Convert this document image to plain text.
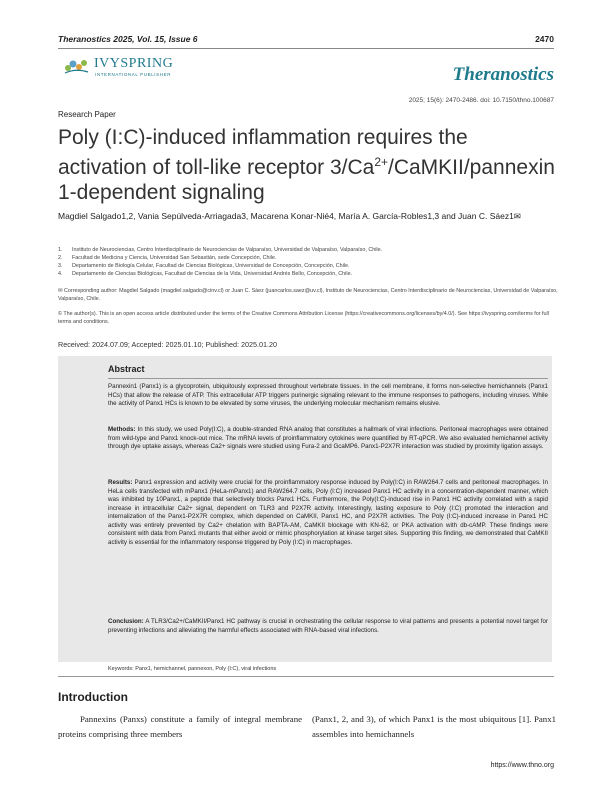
Theranostics 2025, Vol. 15, Issue 6	2470
IVYSPRING
INTERNATIONAL PUBLISHER	Theranostics
2025; 15(6): 2470-2486. doi: 10.7150/thno.100687
Research Paper
Poly (I:C)-induced inflammation requires the activation of toll-like receptor $3/Ca^{2+}/CaMKII$/pannexin 1-dependent signaling
Magdiel Salgado1,2, Vania Sepúlveda-Arriagada3, Macarena Konar-Nié4, María A. García-Robles1,3 and Juan C. Sáez1✉
1. Instituto de Neurociencias, Centro Interdisciplinario de Neurociencias de Valparaíso, Universidad de Valparaíso, Valparaíso, Chile.
2. Facultad de Medicina y Ciencia, Universidad San Sebastián, sede Concepción, Chile.
3. Departamento de Biología Celular, Facultad de Ciencias Biológicas, Universidad de Concepción, Concepción, Chile.
4. Departamento de Ciencias Biológicas, Facultad de Ciencias de la Vida, Universidad Andrés Bello, Concepción, Chile.
✉ Corresponding author: Magdiel Salgado (magdiel.salgado@cinv.cl) or Juan C. Sáez (juancarlos.saez@uv.cl), Instituto de Neurociencias, Centro Interdisciplinario de Neurociencias, Universidad de Valparaíso, Valparaíso, Chile.
© The author(s). This is an open access article distributed under the terms of the Creative Commons Attribution License (https://creativecommons.org/licenses/by/4.0/). See https://ivyspring.com/terms for full terms and conditions.
Received: 2024.07.09; Accepted: 2025.01.10; Published: 2025.01.20
Abstract
Pannexin1 (Panx1) is a glycoprotein, ubiquitously expressed throughout vertebrate tissues. In the cell membrane, it forms non-selective hemichannels (Panx1 HCs) that allow the release of ATP. This extracellular ATP triggers purinergic signaling relevant to the immune responses to pathogens, including viruses. While the activity of Panx1 HCs is known to be elevated by some viruses, the underlying molecular mechanism remains elusive.
Methods: In this study, we used Poly(I:C), a double-stranded RNA analog that constitutes a hallmark of viral infections. Peritoneal macrophages were obtained from wild-type and Panx1 knock-out mice. The mRNA levels of proinflammatory cytokines were quantified by RT-qPCR. We also evaluated hemichannel activity through dye uptake assays, whereas Ca2+ signals were studied using Fura-2 and GcaMP6. Panx1-P2X7R interaction was studied by proximity ligation assays.
Results: Panx1 expression and activity were crucial for the proinflammatory response induced by Poly(I:C) in RAW264.7 cells and peritoneal macrophages. In HeLa cells transfected with mPanx1 (HeLa-mPanx1) and RAW264.7 cells, Poly (I:C) increased Panx1 HC activity in a concentration-dependent manner, which was inhibited by 10Panx1, a peptide that selectively blocks Panx1 HCs. Furthermore, the Poly(I:C)-induced rise in Panx1 HC activity correlated with a rapid increase in intracellular Ca2+ signal, dependent on TLR3 and P2X7R activity. Interestingly, lasting exposure to Poly (I:C) promoted the interaction and internalization of the Panx1-P2X7R complex, which depended on CaMKII, Panx1 HC, and P2X7R activities. The Poly (I:C)-induced increase in Panx1 HC activity was entirely prevented by Ca2+ chelation with BAPTA-AM, CaMKII blockage with KN-62, or PKA activation with db-cAMP. These findings were consistent with data from Panx1 mutants that either avoid or mimic phosphorylation at kinase target sites. Supporting this finding, we demonstrated that CaMKII activity is essential for the inflammatory response triggered by Poly (I:C) in macrophages.
Conclusion: A TLR3/Ca2+/CaMKII/Panx1 HC pathway is crucial in orchestrating the cellular response to viral patterns and presents a potential novel target for preventing infections and alleviating the harmful effects associated with RNA-based viral infections.
Keywords: Panx1, hemichannel, pannexon, Poly (I:C), viral infections
Introduction
Pannexins (Panxs) constitute a family of integral membrane proteins comprising three members
(Panx1, 2, and 3), of which Panx1 is the most ubiquitous [1]. Panx1 assembles into hemichannels
https://www.thno.org
